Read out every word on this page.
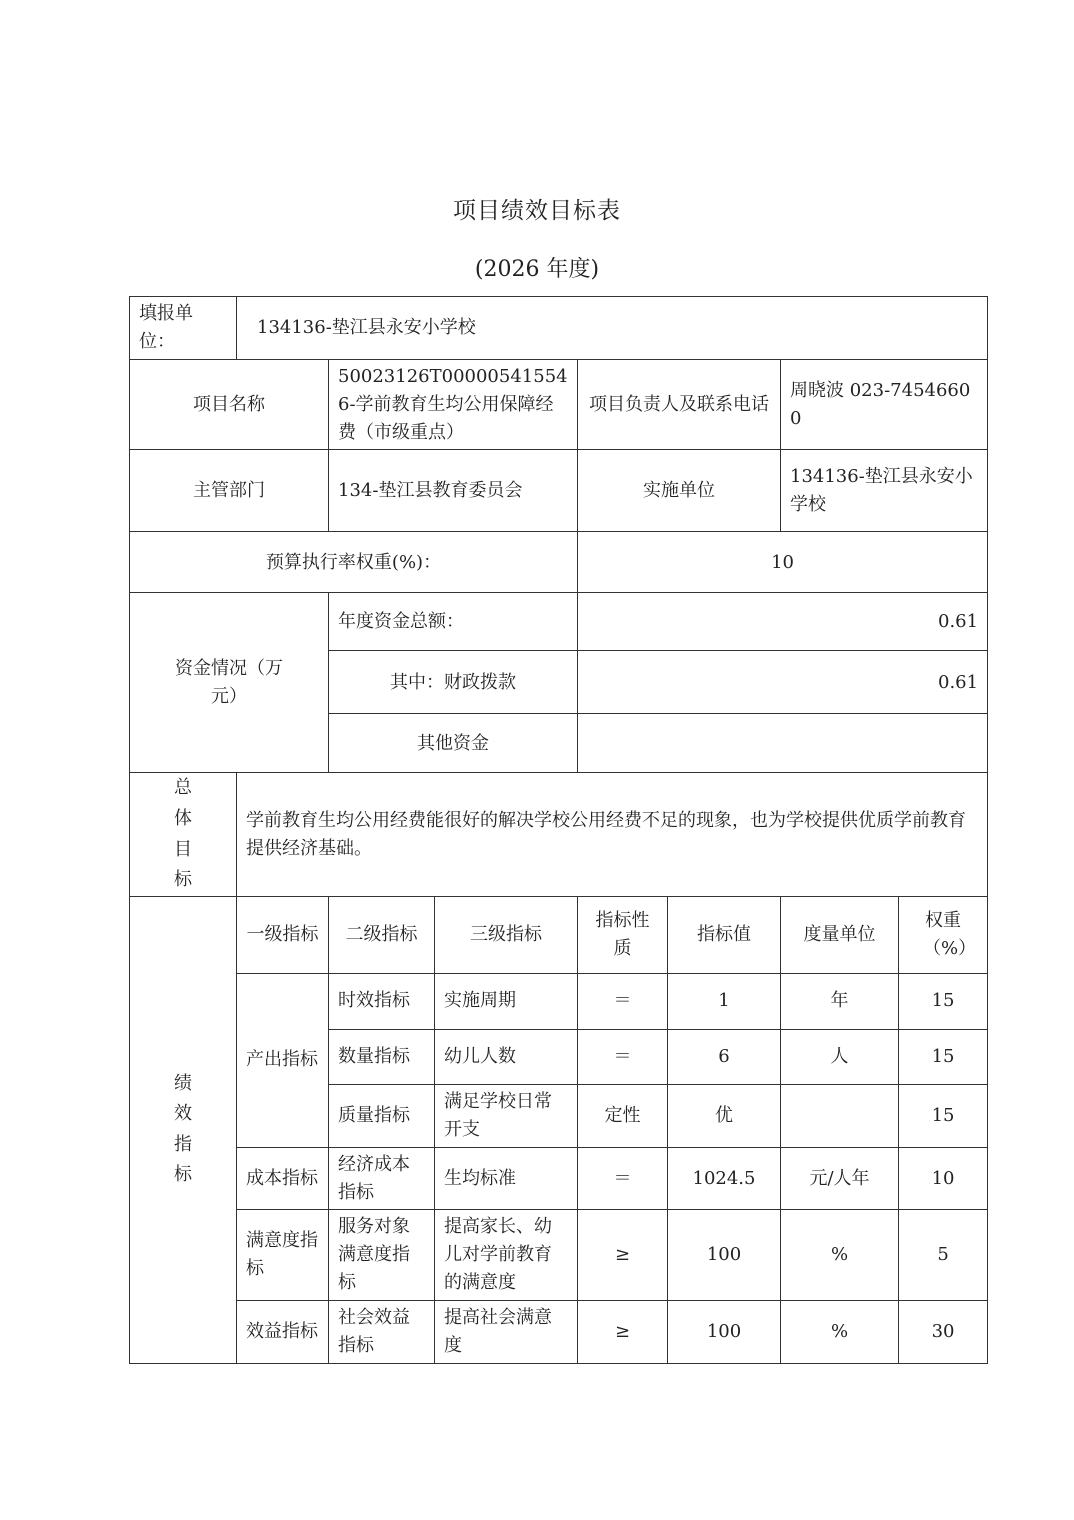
项目绩效目标表
(2026 年度)
填报单位：	134136-垫江县永安小学校						
项目名称		50023126T000005415546-学前教育生均公用保障经费（市级重点）		项目负责人及联系电话		周晓波 023-74546600	
主管部门		134-垫江县教育委员会		实施单位		134136-垫江县永安小学校	
预算执行率权重(%)：				10			
资金情况（万元）		年度资金总额：		0.61			
		其中：财政拨款		0.61			
		其他资金					
总体目标	学前教育生均公用经费能很好的解决学校公用经费不足的现象，也为学校提供优质学前教育提供经济基础。						
绩效指标	一级指标	二级指标	三级指标	指标性质	指标值	度量单位	权重（%）
	产出指标	时效指标	实施周期	＝	1	年	15
		数量指标	幼儿人数	＝	6	人	15
		质量指标	满足学校日常开支	定性	优		15
	成本指标	经济成本指标	生均标准	＝	1024.5	元/人年	10
	满意度指标	服务对象满意度指标	提高家长、幼儿对学前教育的满意度	≥	100	%	5
	效益指标	社会效益指标	提高社会满意度	≥	100	%	30
